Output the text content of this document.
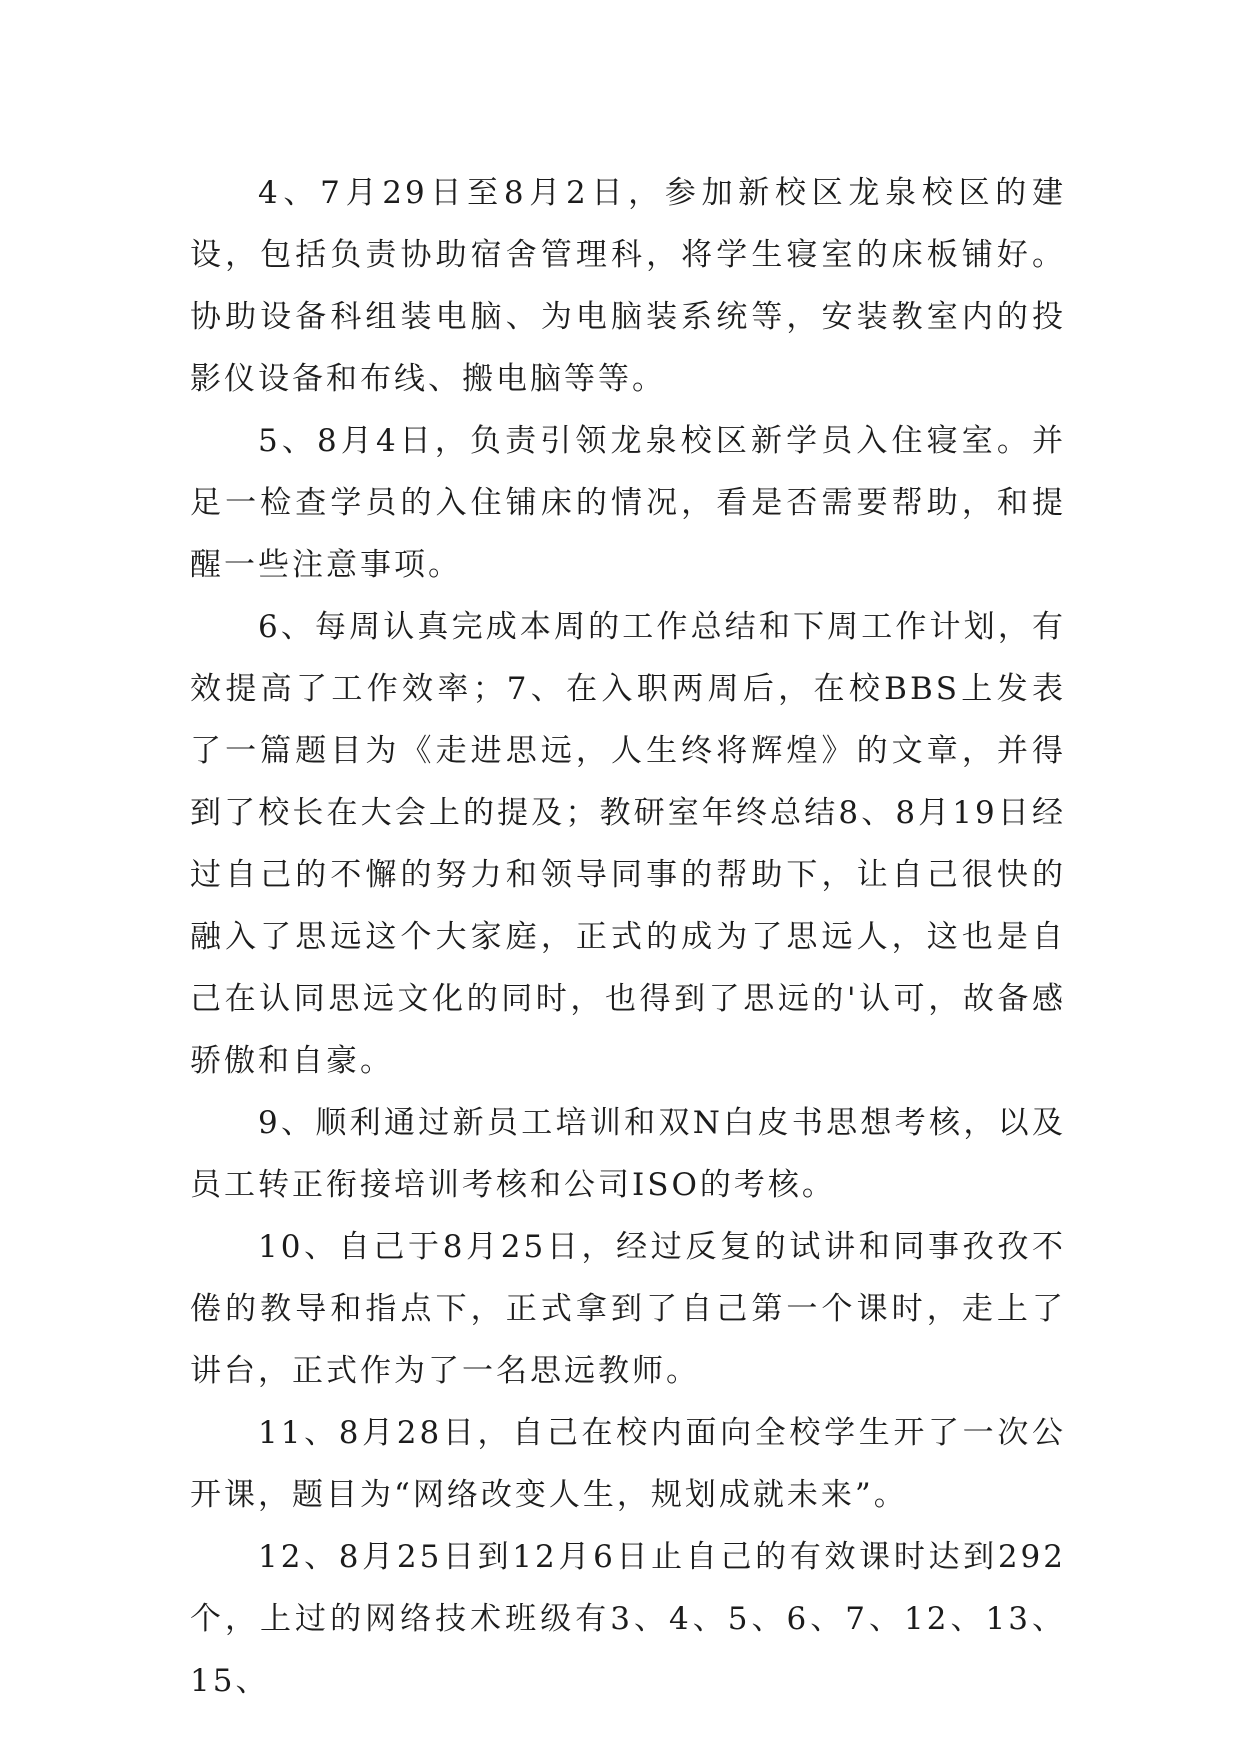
4、7月29日至8月2日，参加新校区龙泉校区的建设，包括负责协助宿舍管理科，将学生寝室的床板铺好。协助设备科组装电脑、为电脑装系统等，安装教室内的投影仪设备和布线、搬电脑等等。

5、8月4日，负责引领龙泉校区新学员入住寝室。并足一检查学员的入住铺床的情况，看是否需要帮助，和提醒一些注意事项。

6、每周认真完成本周的工作总结和下周工作计划，有效提高了工作效率；7、在入职两周后，在校BBS上发表了一篇题目为《走进思远，人生终将辉煌》的文章，并得到了校长在大会上的提及；教研室年终总结8、8月19日经过自己的不懈的努力和领导同事的帮助下，让自己很快的融入了思远这个大家庭，正式的成为了思远人，这也是自己在认同思远文化的同时，也得到了思远的'认可，故备感骄傲和自豪。

9、顺利通过新员工培训和双N白皮书思想考核，以及员工转正衔接培训考核和公司ISO的考核。

10、自己于8月25日，经过反复的试讲和同事孜孜不倦的教导和指点下，正式拿到了自己第一个课时，走上了讲台，正式作为了一名思远教师。

11、8月28日，自己在校内面向全校学生开了一次公开课，题目为“网络改变人生，规划成就未来”。

12、8月25日到12月6日止自己的有效课时达到292个，上过的网络技术班级有3、4、5、6、7、12、13、15、
